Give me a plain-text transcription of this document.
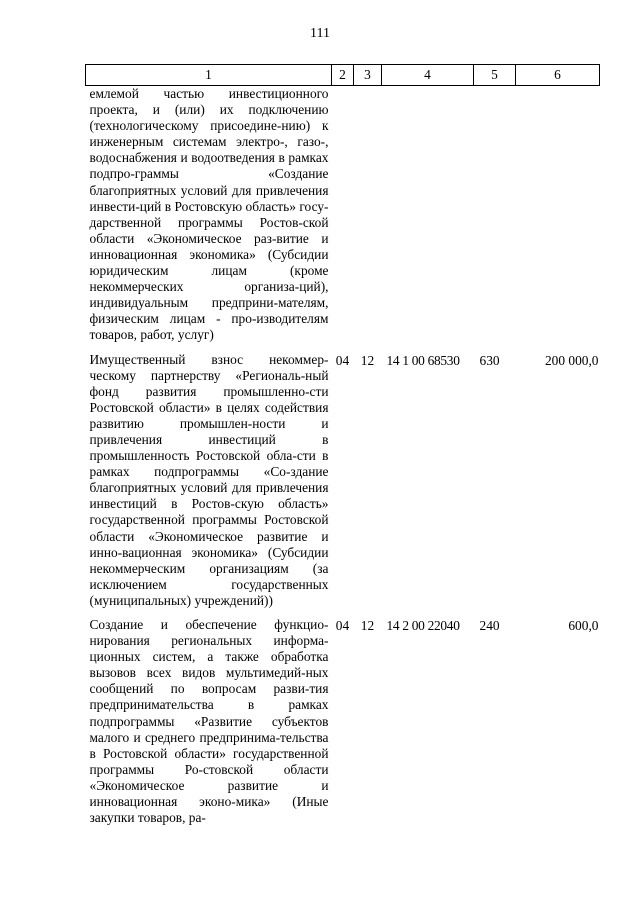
111
1	2	3	4	5	6
емлемой частью инвестиционного проекта, и (или) их подключению (технологическому присоедине-нию) к инженерным системам электро-, газо-, водоснабжения и водоотведения в рамках подпро-граммы «Создание благоприятных условий для привлечения инвести-ций в Ростовскую область» госу-дарственной программы Ростов-ской области «Экономическое раз-витие и инновационная экономика» (Субсидии юридическим лицам (кроме некоммерческих организа-ций), индивидуальным предприни-мателям, физическим лицам - про-изводителям товаров, работ, услуг)					
Имущественный взнос некоммер-ческому партнерству «Региональ-ный фонд развития промышленно-сти Ростовской области» в целях содействия развитию промышлен-ности и привлечения инвестиций в промышленность Ростовской обла-сти в рамках подпрограммы «Со-здание благоприятных условий для привлечения инвестиций в Ростов-скую область» государственной программы Ростовской области «Экономическое развитие и инно-вационная экономика» (Субсидии некоммерческим организациям (за исключением государственных (муниципальных) учреждений))	04	12	14 1 00 68530	630	200 000,0
Создание и обеспечение функцио-нирования региональных информа-ционных систем, а также обработка вызовов всех видов мультимедий-ных сообщений по вопросам разви-тия предпринимательства в рамках подпрограммы «Развитие субъектов малого и среднего предпринима-тельства в Ростовской области» государственной программы Ро-стовской области «Экономическое развитие и инновационная эконо-мика» (Иные закупки товаров, ра-	04	12	14 2 00 22040	240	600,0
